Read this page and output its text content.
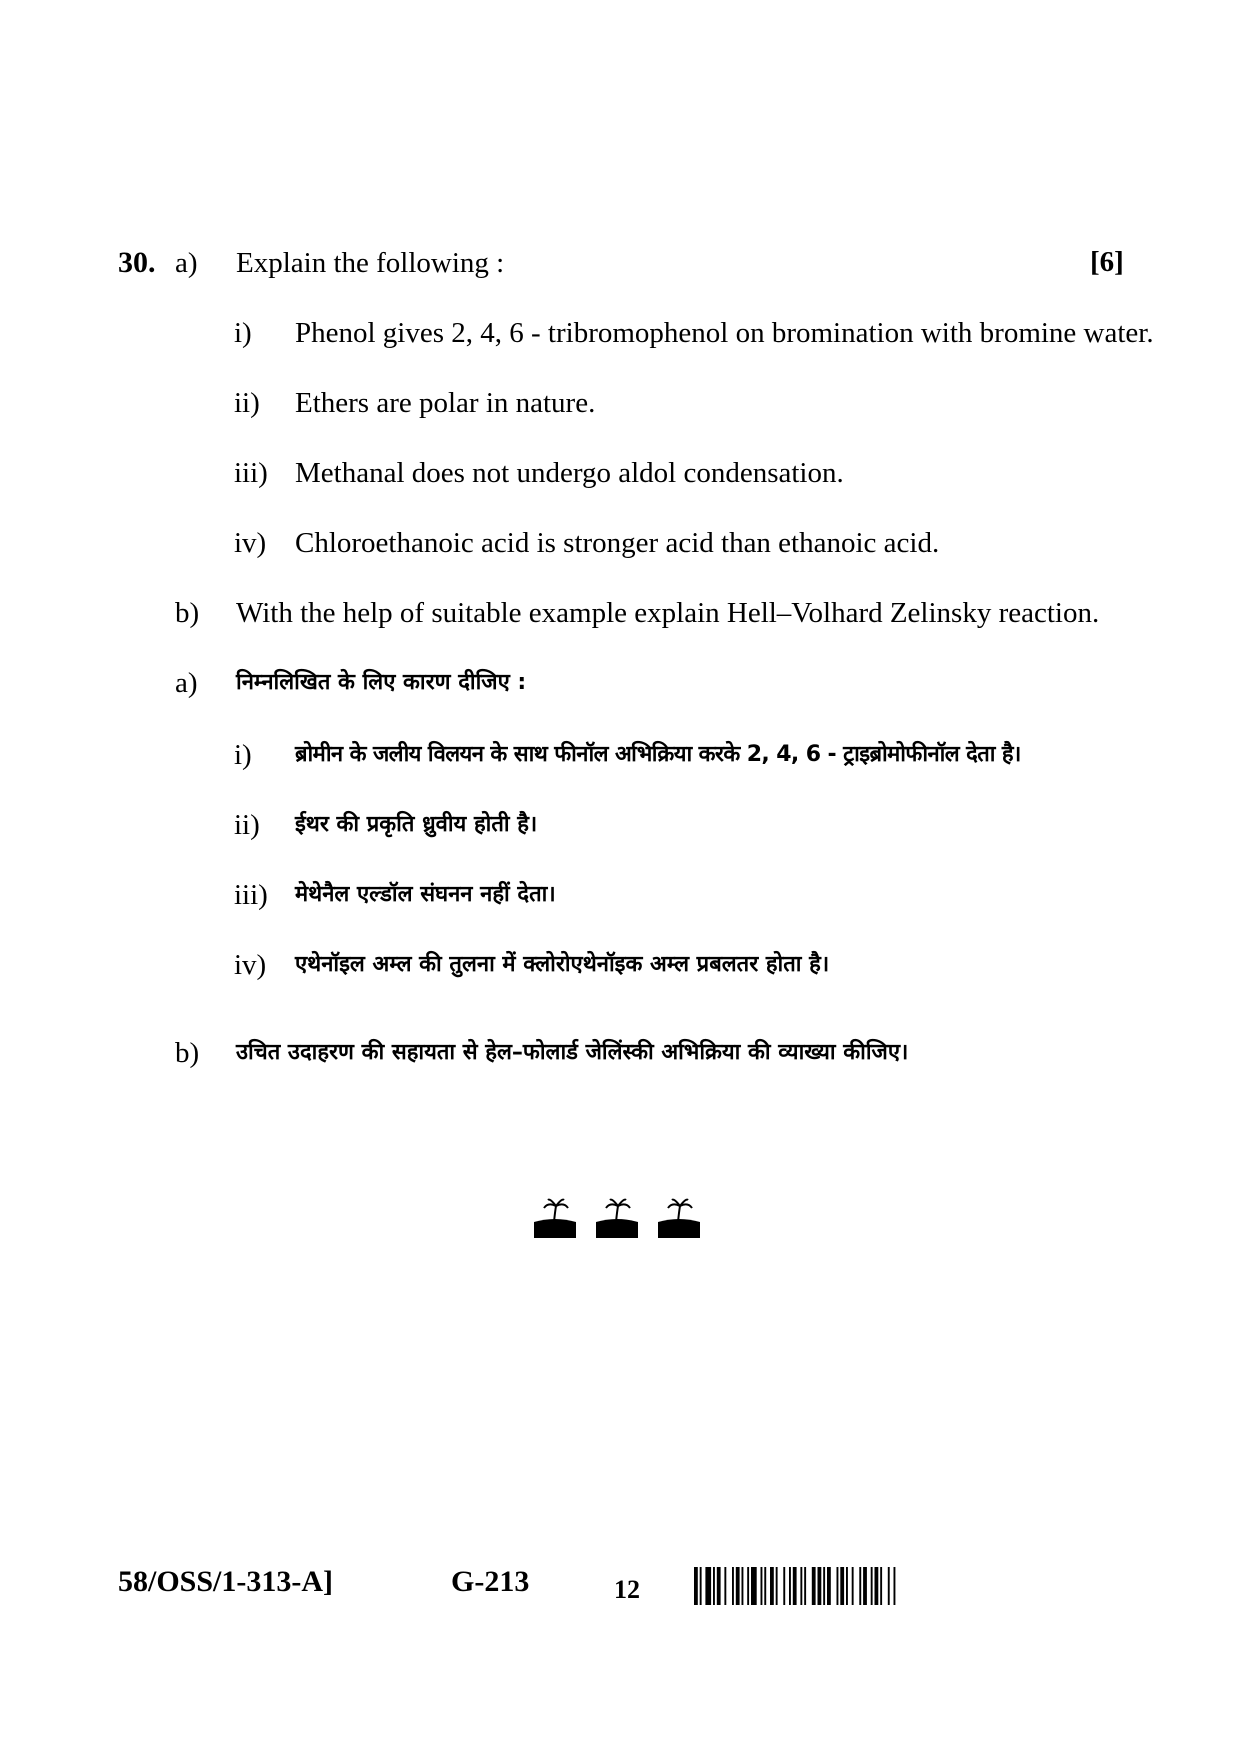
30.	[6]
a) Explain the following :
i) Phenol gives 2, 4, 6 - tribromophenol on bromination with bromine water.
ii) Ethers are polar in nature.
iii) Methanal does not undergo aldol condensation.
iv) Chloroethanoic acid is stronger acid than ethanoic acid.
b) With the help of suitable example explain Hell–Volhard Zelinsky reaction.
a) निम्नलिखित के लिए कारण दीजिए :
i) ब्रोमीन के जलीय विलयन के साथ फीनॉल अभिक्रिया करके 2, 4, 6 - ट्राइब्रोमोफीनॉल देता है।
ii) ईथर की प्रकृति ध्रुवीय होती है।
iii) मेथेनैल एल्डॉल संघनन नहीं देता।
iv) एथेनॉइल अम्ल की तुलना में क्लोरोएथेनॉइक अम्ल प्रबलतर होता है।
b) उचित उदाहरण की सहायता से हेल–फोलार्ड जेलिंस्की अभिक्रिया की व्याख्या कीजिए।
58/OSS/1-313-A]	G-213	12
